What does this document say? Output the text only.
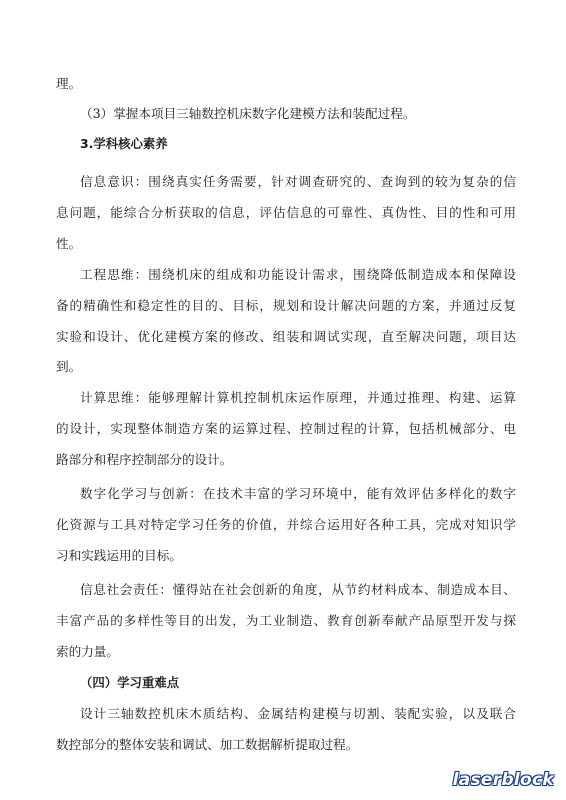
理。
（3）掌握本项目三轴数控机床数字化建模方法和装配过程。
3.学科核心素养
信息意识：围绕真实任务需要，针对调查研究的、查询到的较为复杂的信
息问题，能综合分析获取的信息，评估信息的可靠性、真伪性、目的性和可用
性。
工程思维：围绕机床的组成和功能设计需求，围绕降低制造成本和保障设
备的精确性和稳定性的目的、目标，规划和设计解决问题的方案，并通过反复
实验和设计、优化建模方案的修改、组装和调试实现，直至解决问题，项目达
到。
计算思维：能够理解计算机控制机床运作原理，并通过推理、构建、运算
的设计，实现整体制造方案的运算过程、控制过程的计算，包括机械部分、电
路部分和程序控制部分的设计。
数字化学习与创新：在技术丰富的学习环境中，能有效评估多样化的数字
化资源与工具对特定学习任务的价值，并综合运用好各种工具，完成对知识学
习和实践运用的目标。
信息社会责任：懂得站在社会创新的角度，从节约材料成本、制造成本目、
丰富产品的多样性等目的出发，为工业制造、教育创新奉献产品原型开发与探
索的力量。
（四）学习重难点
设计三轴数控机床木质结构、金属结构建模与切割、装配实验，以及联合
数控部分的整体安装和调试、加工数据解析提取过程。
laserblock
